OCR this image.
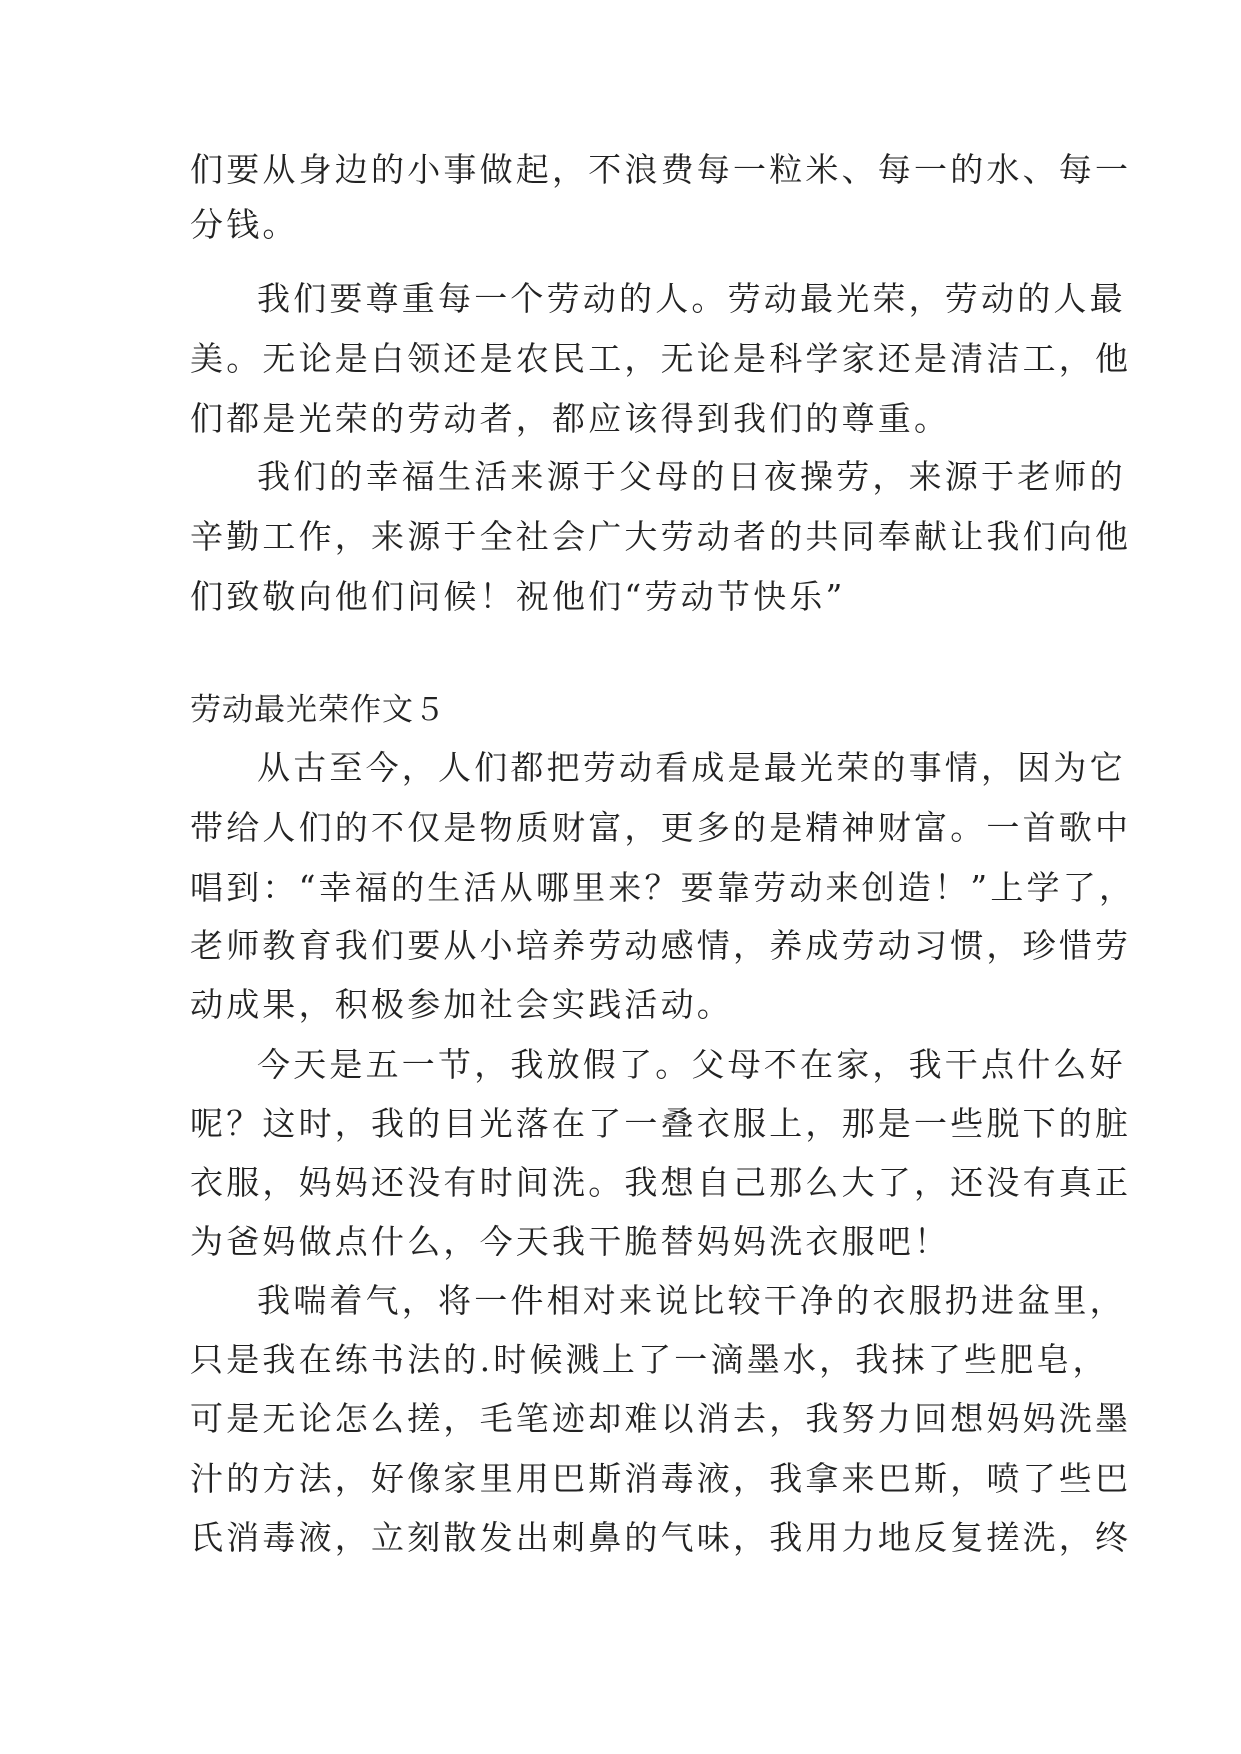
们要从身边的小事做起，不浪费每一粒米、每一的水、每一
分钱。
我们要尊重每一个劳动的人。劳动最光荣，劳动的人最
美。无论是白领还是农民工，无论是科学家还是清洁工，他
们都是光荣的劳动者，都应该得到我们的尊重。
我们的幸福生活来源于父母的日夜操劳，来源于老师的
辛勤工作，来源于全社会广大劳动者的共同奉献让我们向他
们致敬向他们问候！祝他们“劳动节快乐”
劳动最光荣作文５
从古至今，人们都把劳动看成是最光荣的事情，因为它
带给人们的不仅是物质财富，更多的是精神财富。一首歌中
唱到：“幸福的生活从哪里来？要靠劳动来创造！”上学了，
老师教育我们要从小培养劳动感情，养成劳动习惯，珍惜劳
动成果，积极参加社会实践活动。
今天是五一节，我放假了。父母不在家，我干点什么好
呢？这时，我的目光落在了一叠衣服上，那是一些脱下的脏
衣服，妈妈还没有时间洗。我想自己那么大了，还没有真正
为爸妈做点什么，今天我干脆替妈妈洗衣服吧！
我喘着气，将一件相对来说比较干净的衣服扔进盆里，
只是我在练书法的.时候溅上了一滴墨水，我抹了些肥皂，
可是无论怎么搓，毛笔迹却难以消去，我努力回想妈妈洗墨
汁的方法，好像家里用巴斯消毒液，我拿来巴斯，喷了些巴
氏消毒液，立刻散发出刺鼻的气味，我用力地反复搓洗，终
